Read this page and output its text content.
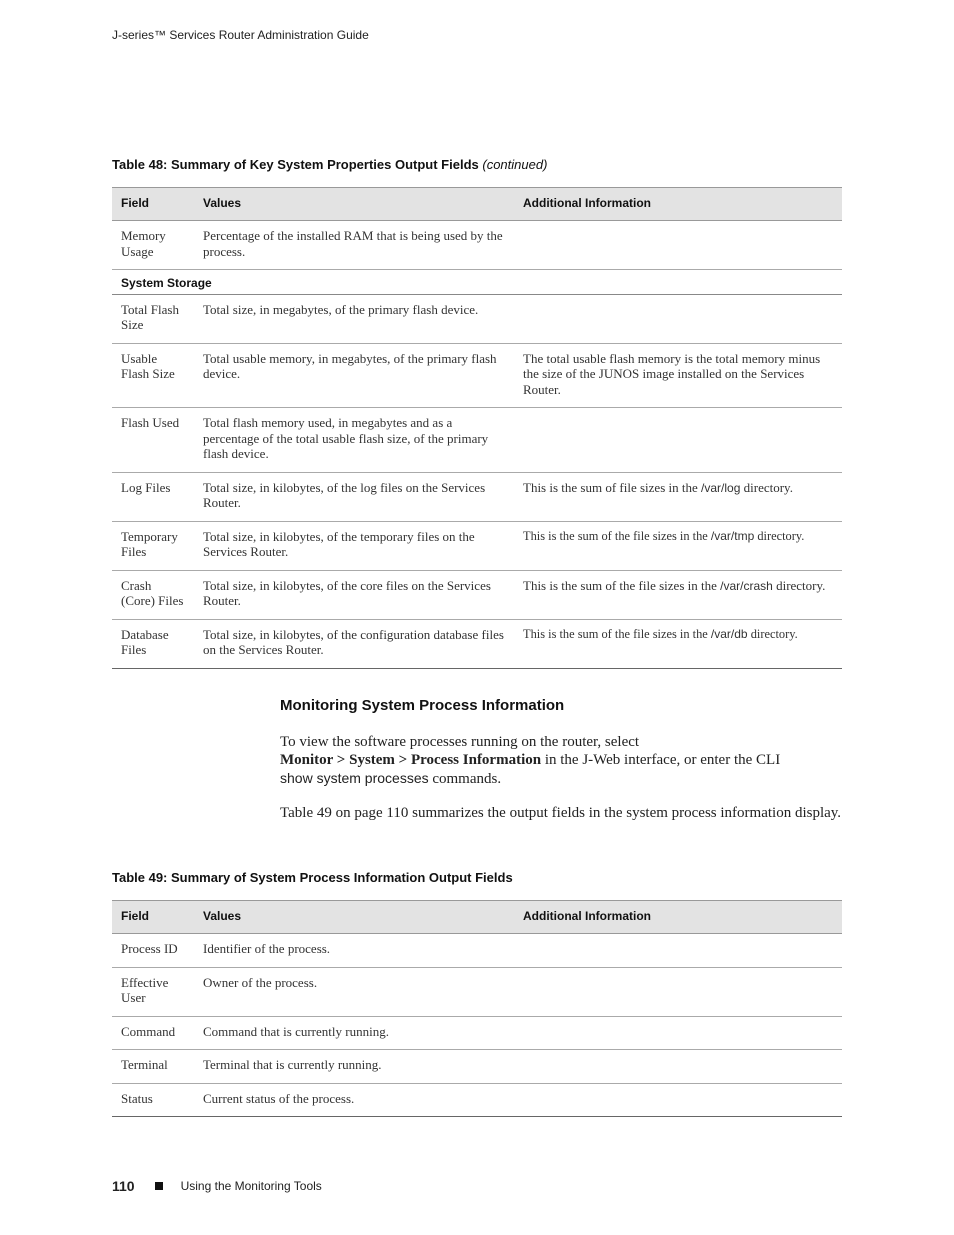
J-series™ Services Router Administration Guide
Table 48: Summary of Key System Properties Output Fields (continued)
Field	Values	Additional Information
Memory Usage	Percentage of the installed RAM that is being used by the process.	
System Storage		
Total Flash Size	Total size, in megabytes, of the primary flash device.	
Usable Flash Size	Total usable memory, in megabytes, of the primary flash device.	The total usable flash memory is the total memory minus the size of the JUNOS image installed on the Services Router.
Flash Used	Total flash memory used, in megabytes and as a percentage of the total usable flash size, of the primary flash device.	
Log Files	Total size, in kilobytes, of the log files on the Services Router.	This is the sum of file sizes in the /var/log directory.
Temporary Files	Total size, in kilobytes, of the temporary files on the Services Router.	This is the sum of the file sizes in the /var/tmp directory.
Crash (Core) Files	Total size, in kilobytes, of the core files on the Services Router.	This is the sum of the file sizes in the /var/crash directory.
Database Files	Total size, in kilobytes, of the configuration database files on the Services Router.	This is the sum of the file sizes in the /var/db directory.
Monitoring System Process Information
To view the software processes running on the router, select
Monitor > System > Process Information in the J-Web interface, or enter the CLI
show system processes commands.
Table 49 on page 110 summarizes the output fields in the system process information display.
Table 49: Summary of System Process Information Output Fields
Field	Values	Additional Information
Process ID	Identifier of the process.	
Effective User	Owner of the process.	
Command	Command that is currently running.	
Terminal	Terminal that is currently running.	
Status	Current status of the process.	
110	Using the Monitoring Tools
